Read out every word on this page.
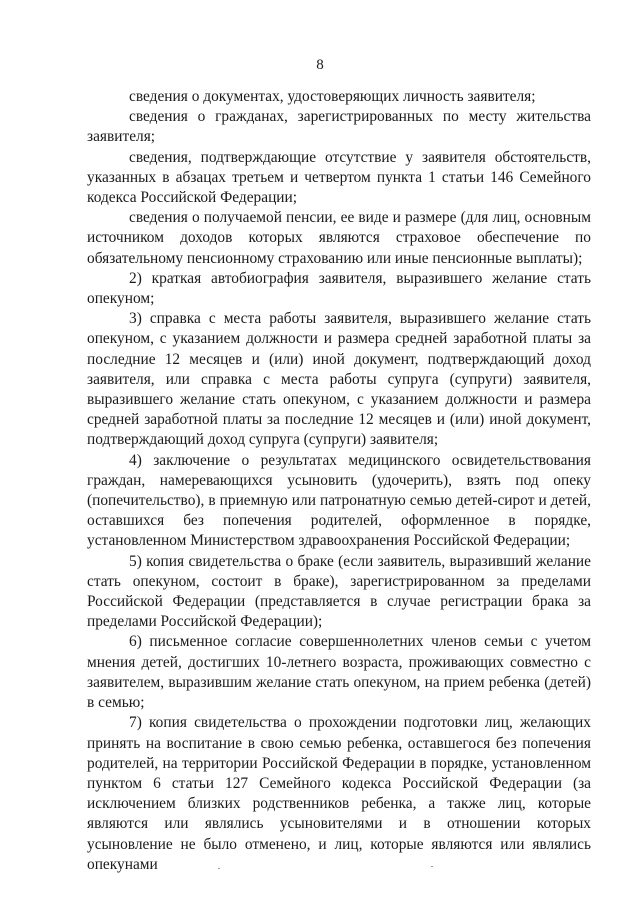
8

сведения о документах, удостоверяющих личность заявителя;

сведения о гражданах, зарегистрированных по месту жительства заявителя;

сведения, подтверждающие отсутствие у заявителя обстоятельств, указанных в абзацах третьем и четвертом пункта 1 статьи 146 Семейного кодекса Российской Федерации;

сведения о получаемой пенсии, ее виде и размере (для лиц, основным источником доходов которых являются страховое обеспечение по обязательному пенсионному страхованию или иные пенсионные выплаты);

2) краткая автобиография заявителя, выразившего желание стать опекуном;

3) справка с места работы заявителя, выразившего желание стать опекуном, с указанием должности и размера средней заработной платы за последние 12 месяцев и (или) иной документ, подтверждающий доход заявителя, или справка с места работы супруга (супруги) заявителя, выразившего желание стать опекуном, с указанием должности и размера средней заработной платы за последние 12 месяцев и (или) иной документ, подтверждающий доход супруга (супруги) заявителя;

4) заключение о результатах медицинского освидетельствования граждан, намеревающихся усыновить (удочерить), взять под опеку (попечительство), в приемную или патронатную семью детей-сирот и детей, оставшихся без попечения родителей, оформленное в порядке, установленном Министерством здравоохранения Российской Федерации;

5) копия свидетельства о браке (если заявитель, выразивший желание стать опекуном, состоит в браке), зарегистрированном за пределами Российской Федерации (представляется в случае регистрации брака за пределами Российской Федерации);

6) письменное согласие совершеннолетних членов семьи с учетом мнения детей, достигших 10-летнего возраста, проживающих совместно с заявителем, выразившим желание стать опекуном, на прием ребенка (детей) в семью;

7) копия свидетельства о прохождении подготовки лиц, желающих принять на воспитание в свою семью ребенка, оставшегося без попечения родителей, на территории Российской Федерации в порядке, установленном пунктом 6 статьи 127 Семейного кодекса Российской Федерации (за исключением близких родственников ребенка, а также лиц, которые являются или являлись усыновителями и в отношении которых усыновление не было отменено, и лиц, которые являются или являлись опекунами
